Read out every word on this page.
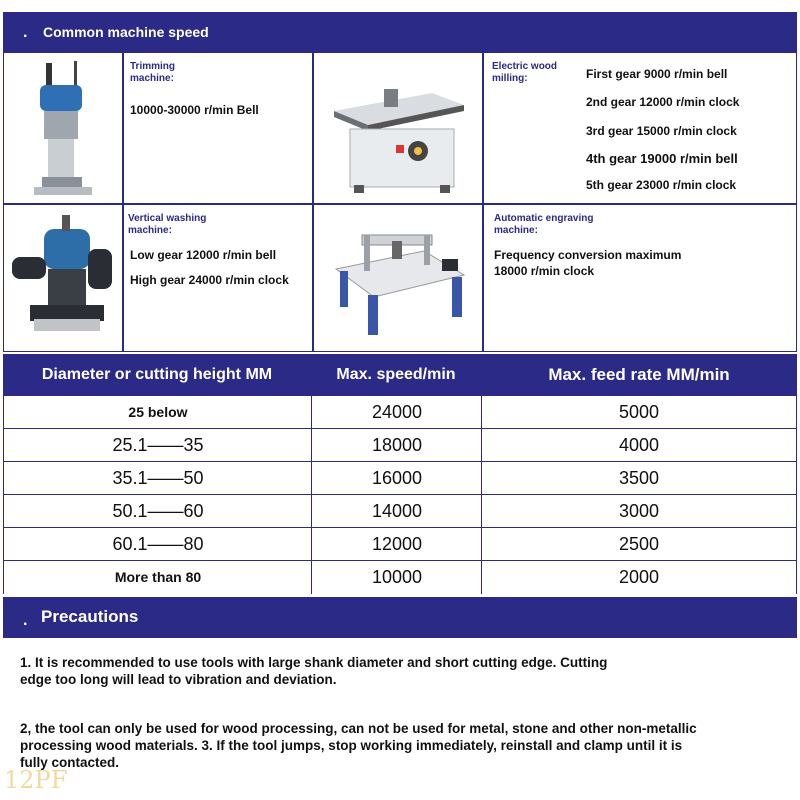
. Common machine speed
Trimming machine:
10000-30000 r/min Bell
Electric wood milling:	First gear 9000 r/min bell
2nd gear 12000 r/min clock
3rd gear 15000 r/min clock
4th gear 19000 r/min bell
5th gear 23000 r/min clock
Vertical washing machine:
Low gear 12000 r/min bell
High gear 24000 r/min clock
Automatic engraving machine:
Frequency conversion maximum 18000 r/min clock
Diameter or cutting height MM	Max. speed/min	Max. feed rate MM/min
25 below	24000	5000
25.1——35	18000	4000
35.1——50	16000	3500
50.1——60	14000	3000
60.1——80	12000	2500
More than 80	10000	2000
. Precautions
1. It is recommended to use tools with large shank diameter and short cutting edge. Cutting edge too long will lead to vibration and deviation.
2, the tool can only be used for wood processing, can not be used for metal, stone and other non-metallic processing wood materials. 3. If the tool jumps, stop working immediately, reinstall and clamp until it is fully contacted.
12PF
